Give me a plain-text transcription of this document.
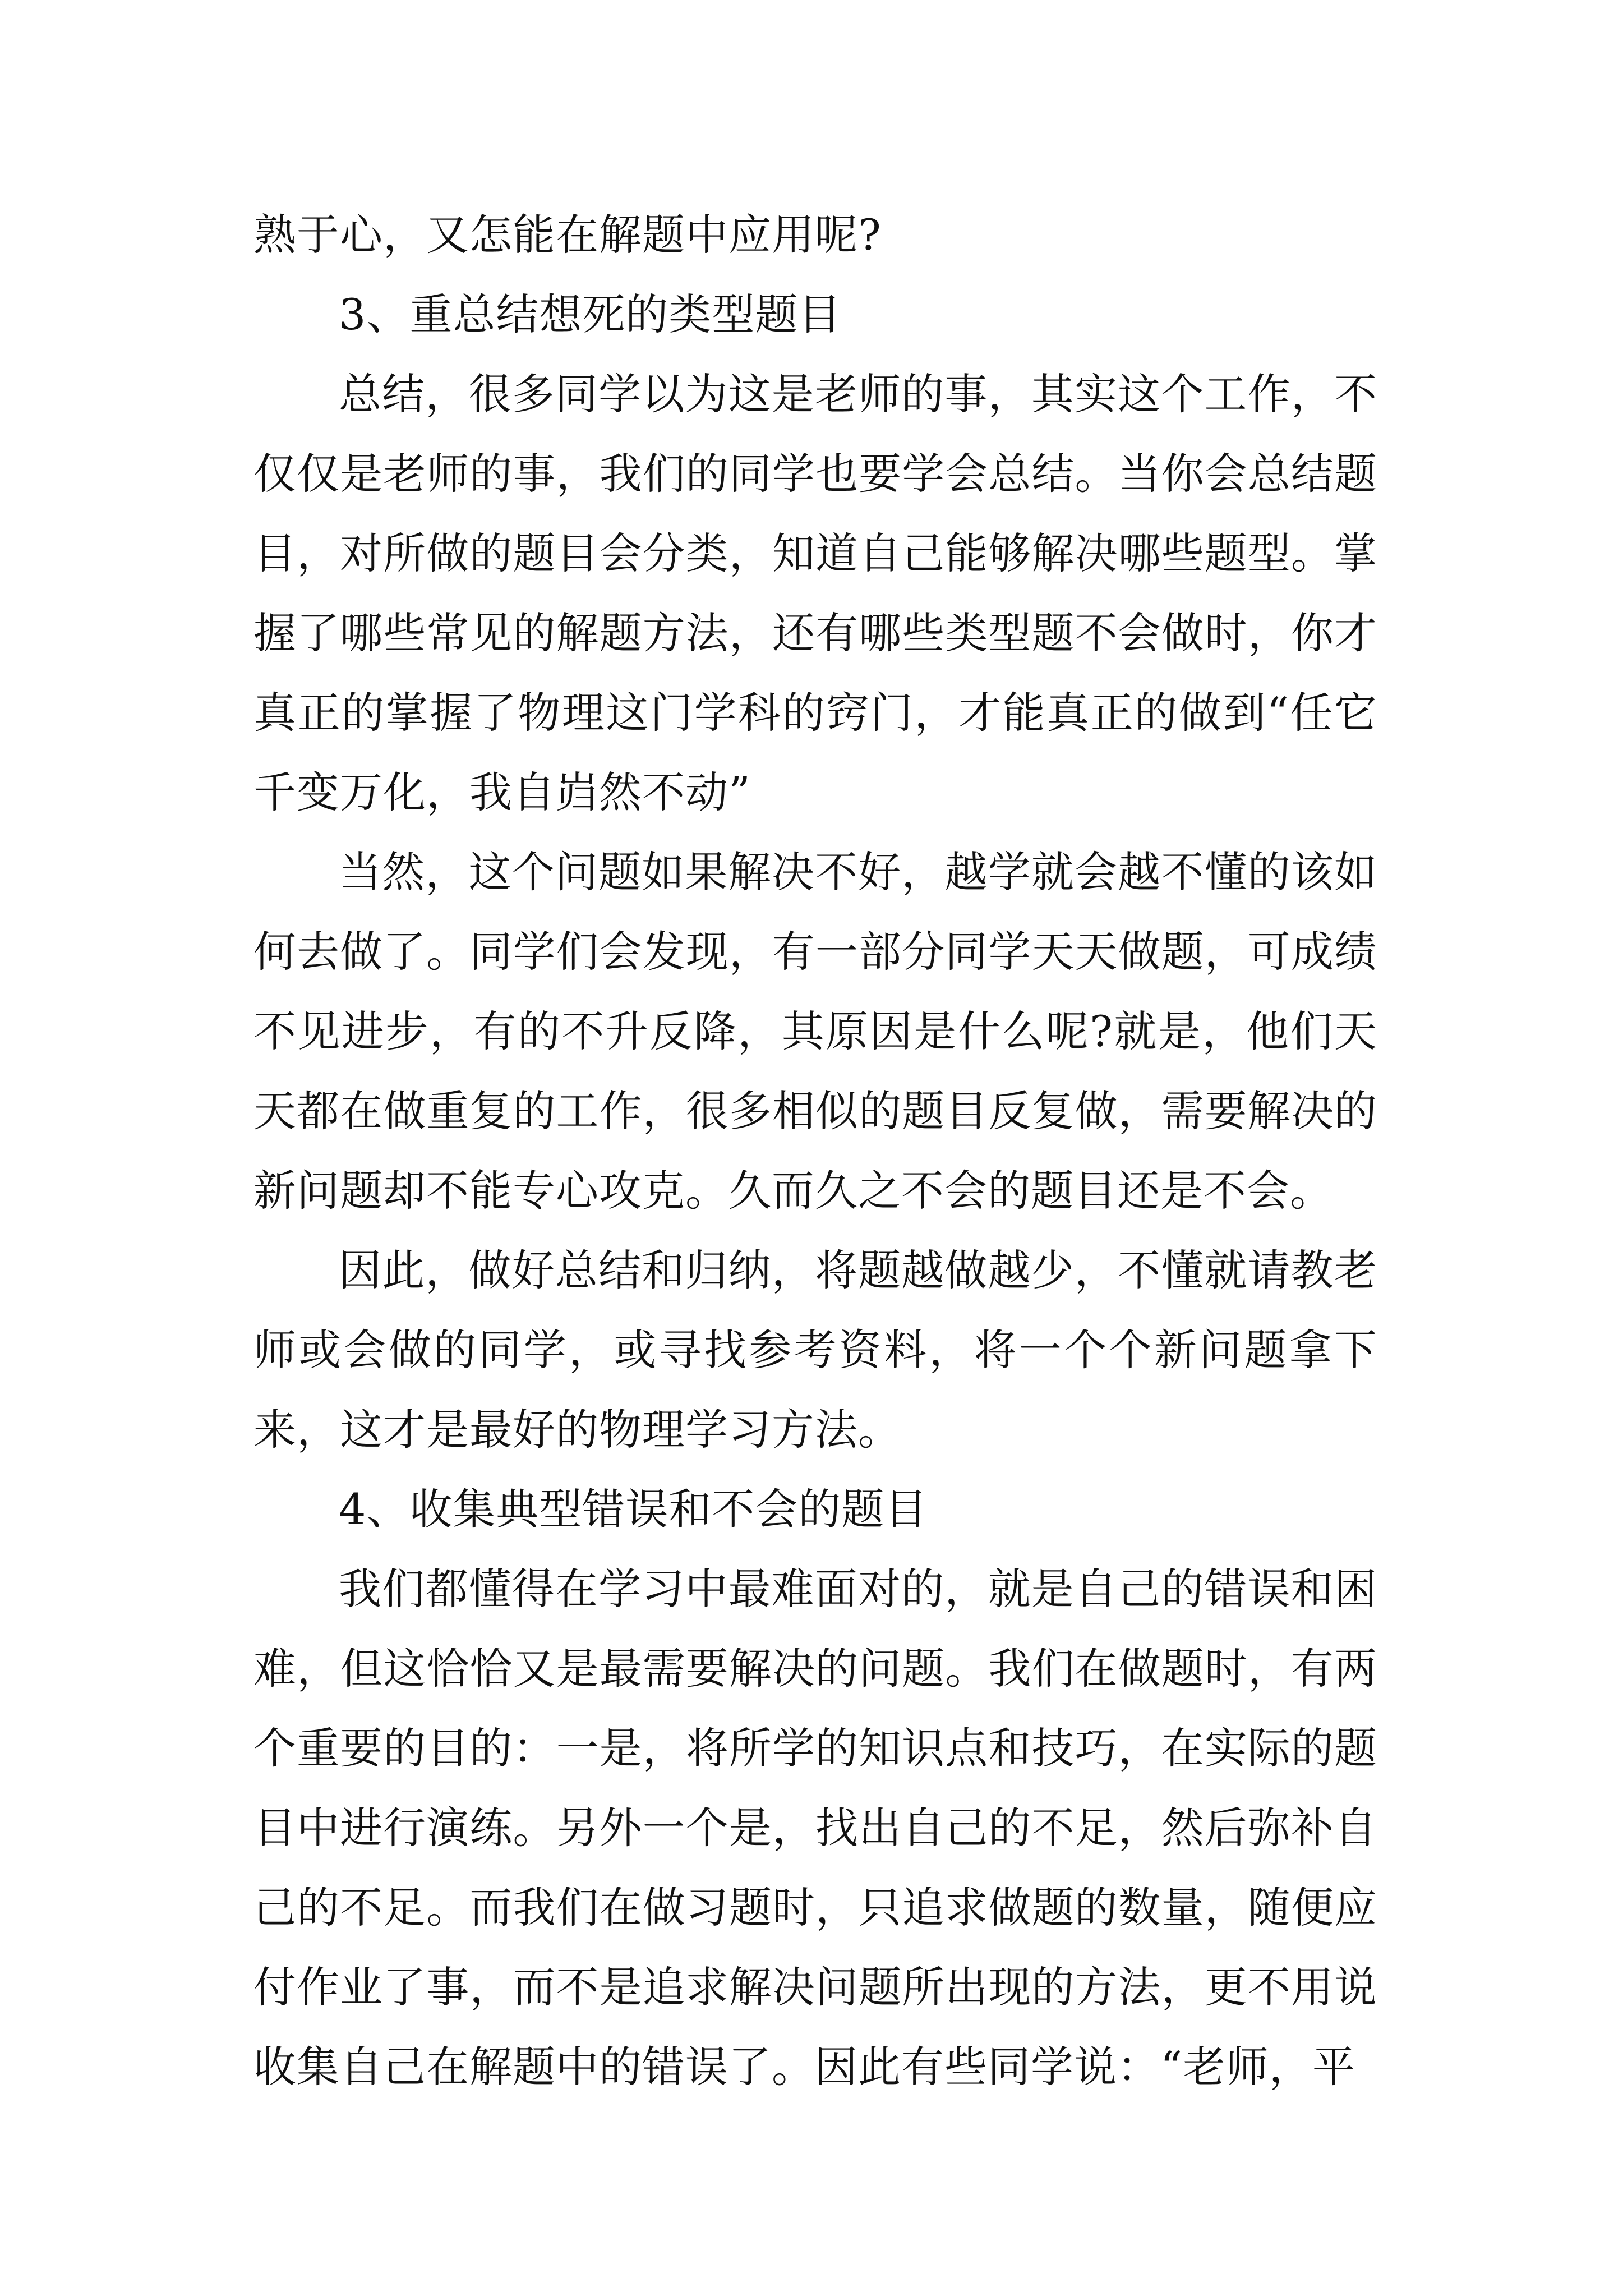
熟于心，又怎能在解题中应用呢?

3、重总结想死的类型题目

总结，很多同学以为这是老师的事，其实这个工作，不仅仅是老师的事，我们的同学也要学会总结。当你会总结题目，对所做的题目会分类，知道自己能够解决哪些题型。掌握了哪些常见的解题方法，还有哪些类型题不会做时，你才真正的掌握了物理这门学科的窍门，才能真正的做到“任它千变万化，我自岿然不动”

当然，这个问题如果解决不好，越学就会越不懂的该如何去做了。同学们会发现，有一部分同学天天做题，可成绩不见进步，有的不升反降，其原因是什么呢?就是，他们天天都在做重复的工作，很多相似的题目反复做，需要解决的新问题却不能专心攻克。久而久之不会的题目还是不会。

因此，做好总结和归纳，将题越做越少，不懂就请教老师或会做的同学，或寻找参考资料，将一个个新问题拿下来，这才是最好的物理学习方法。

4、收集典型错误和不会的题目

我们都懂得在学习中最难面对的，就是自己的错误和困难，但这恰恰又是最需要解决的问题。我们在做题时，有两个重要的目的：一是，将所学的知识点和技巧，在实际的题目中进行演练。另外一个是，找出自己的不足，然后弥补自己的不足。而我们在做习题时，只追求做题的数量，随便应付作业了事，而不是追求解决问题所出现的方法，更不用说收集自己在解题中的错误了。因此有些同学说：“老师，平
